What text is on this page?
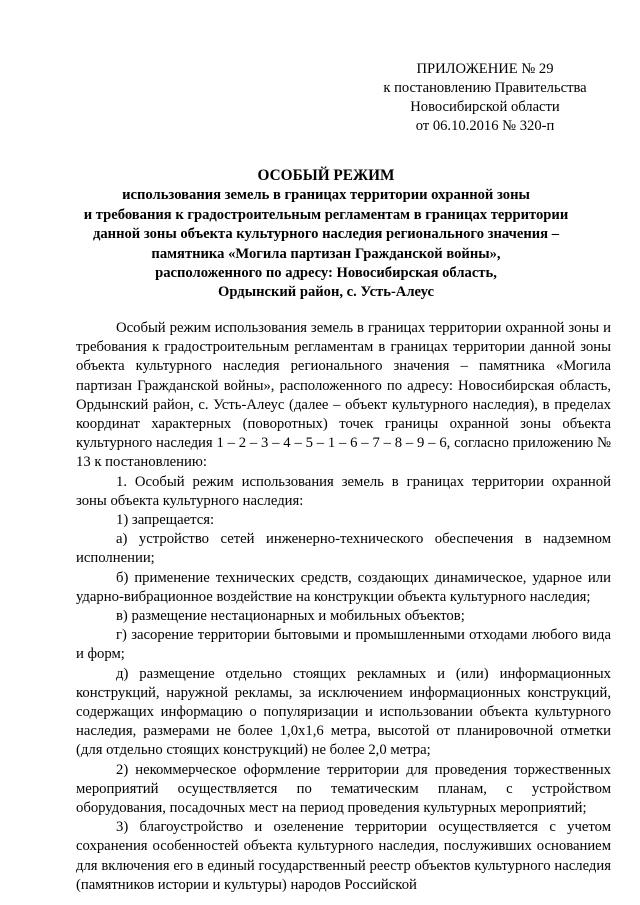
ПРИЛОЖЕНИЕ № 29
к постановлению Правительства
Новосибирской области
от 06.10.2016 № 320-п
ОСОБЫЙ РЕЖИМ
использования земель в границах территории охранной зоны
и требования к градостроительным регламентам в границах территории
данной зоны объекта культурного наследия регионального значения –
памятника «Могила партизан Гражданской войны»,
расположенного по адресу: Новосибирская область,
Ордынский район, с. Усть-Алеус

Особый режим использования земель в границах территории охранной зоны и требования к градостроительным регламентам в границах территории данной зоны объекта культурного наследия регионального значения – памятника «Могила партизан Гражданской войны», расположенного по адресу: Новосибирская область, Ордынский район, с. Усть-Алеус (далее – объект культурного наследия), в пределах координат характерных (поворотных) точек границы охранной зоны объекта культурного наследия 1 – 2 – 3 – 4 – 5 – 1 – 6 – 7 – 8 – 9 – 6, согласно приложению № 13 к постановлению:

1. Особый режим использования земель в границах территории охранной зоны объекта культурного наследия:

1) запрещается:

а) устройство сетей инженерно-технического обеспечения в надземном исполнении;

б) применение технических средств, создающих динамическое, ударное или ударно-вибрационное воздействие на конструкции объекта культурного наследия;

в) размещение нестационарных и мобильных объектов;

г) засорение территории бытовыми и промышленными отходами любого вида и форм;

д) размещение отдельно стоящих рекламных и (или) информационных конструкций, наружной рекламы, за исключением информационных конструкций, содержащих информацию о популяризации и использовании объекта культурного наследия, размерами не более 1,0х1,6 метра, высотой от планировочной отметки (для отдельно стоящих конструкций) не более 2,0 метра;

2) некоммерческое оформление территории для проведения торжественных мероприятий осуществляется по тематическим планам, с устройством оборудования, посадочных мест на период проведения культурных мероприятий;

3) благоустройство и озеленение территории осуществляется с учетом сохранения особенностей объекта культурного наследия, послуживших основанием для включения его в единый государственный реестр объектов культурного наследия (памятников истории и культуры) народов Российской
